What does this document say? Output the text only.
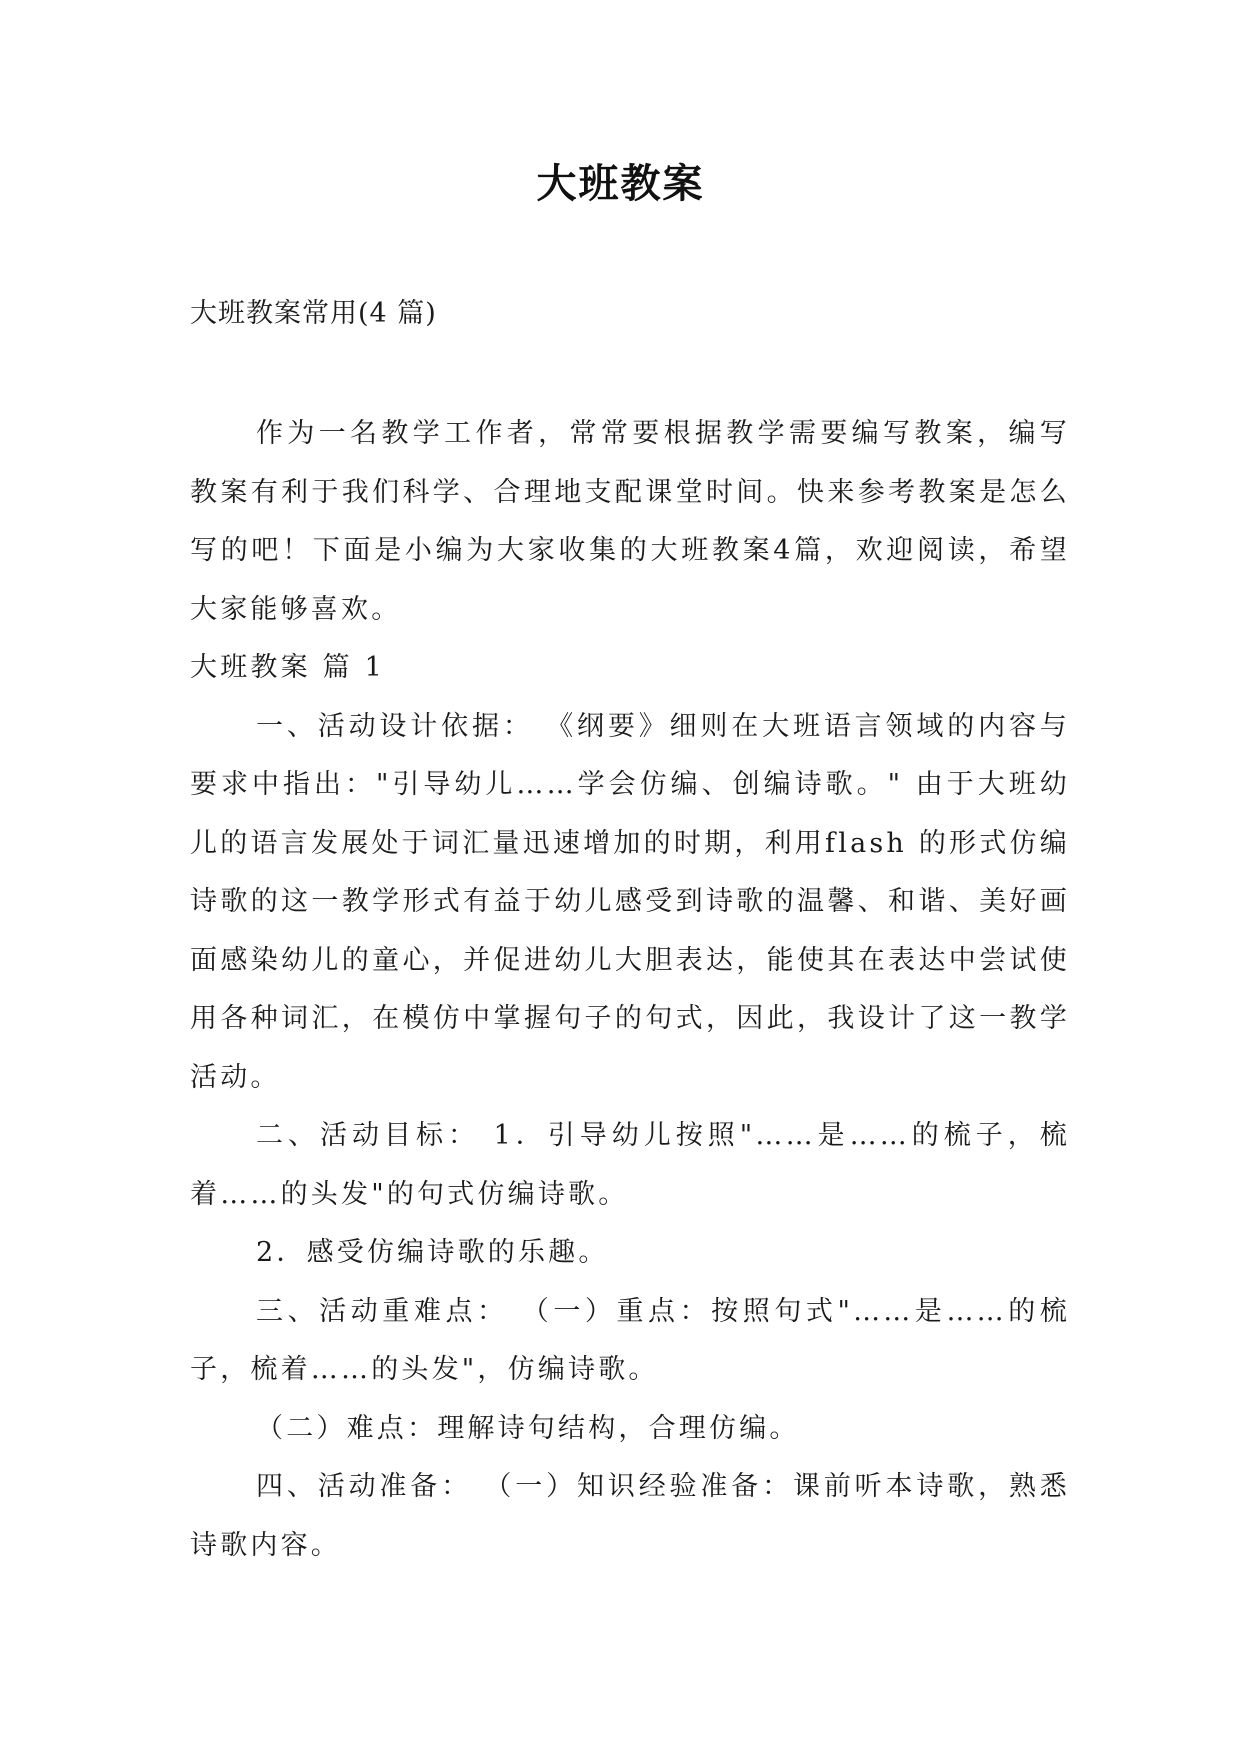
大班教案
大班教案常用(4 篇)

作为一名教学工作者，常常要根据教学需要编写教案，编写教案有利于我们科学、合理地支配课堂时间。快来参考教案是怎么写的吧！下面是小编为大家收集的大班教案4篇，欢迎阅读，希望大家能够喜欢。

大班教案 篇 1

一、活动设计依据： 《纲要》细则在大班语言领域的内容与要求中指出："引导幼儿……学会仿编、创编诗歌。" 由于大班幼儿的语言发展处于词汇量迅速增加的时期，利用flash 的形式仿编诗歌的这一教学形式有益于幼儿感受到诗歌的温馨、和谐、美好画面感染幼儿的童心，并促进幼儿大胆表达，能使其在表达中尝试使用各种词汇，在模仿中掌握句子的句式，因此，我设计了这一教学活动。

二、活动目标： 1．引导幼儿按照"……是……的梳子，梳着……的头发"的句式仿编诗歌。

2．感受仿编诗歌的乐趣。

三、活动重难点： （一）重点：按照句式"……是……的梳子，梳着……的头发"，仿编诗歌。

（二）难点：理解诗句结构，合理仿编。

四、活动准备： （一）知识经验准备：课前听本诗歌，熟悉诗歌内容。
